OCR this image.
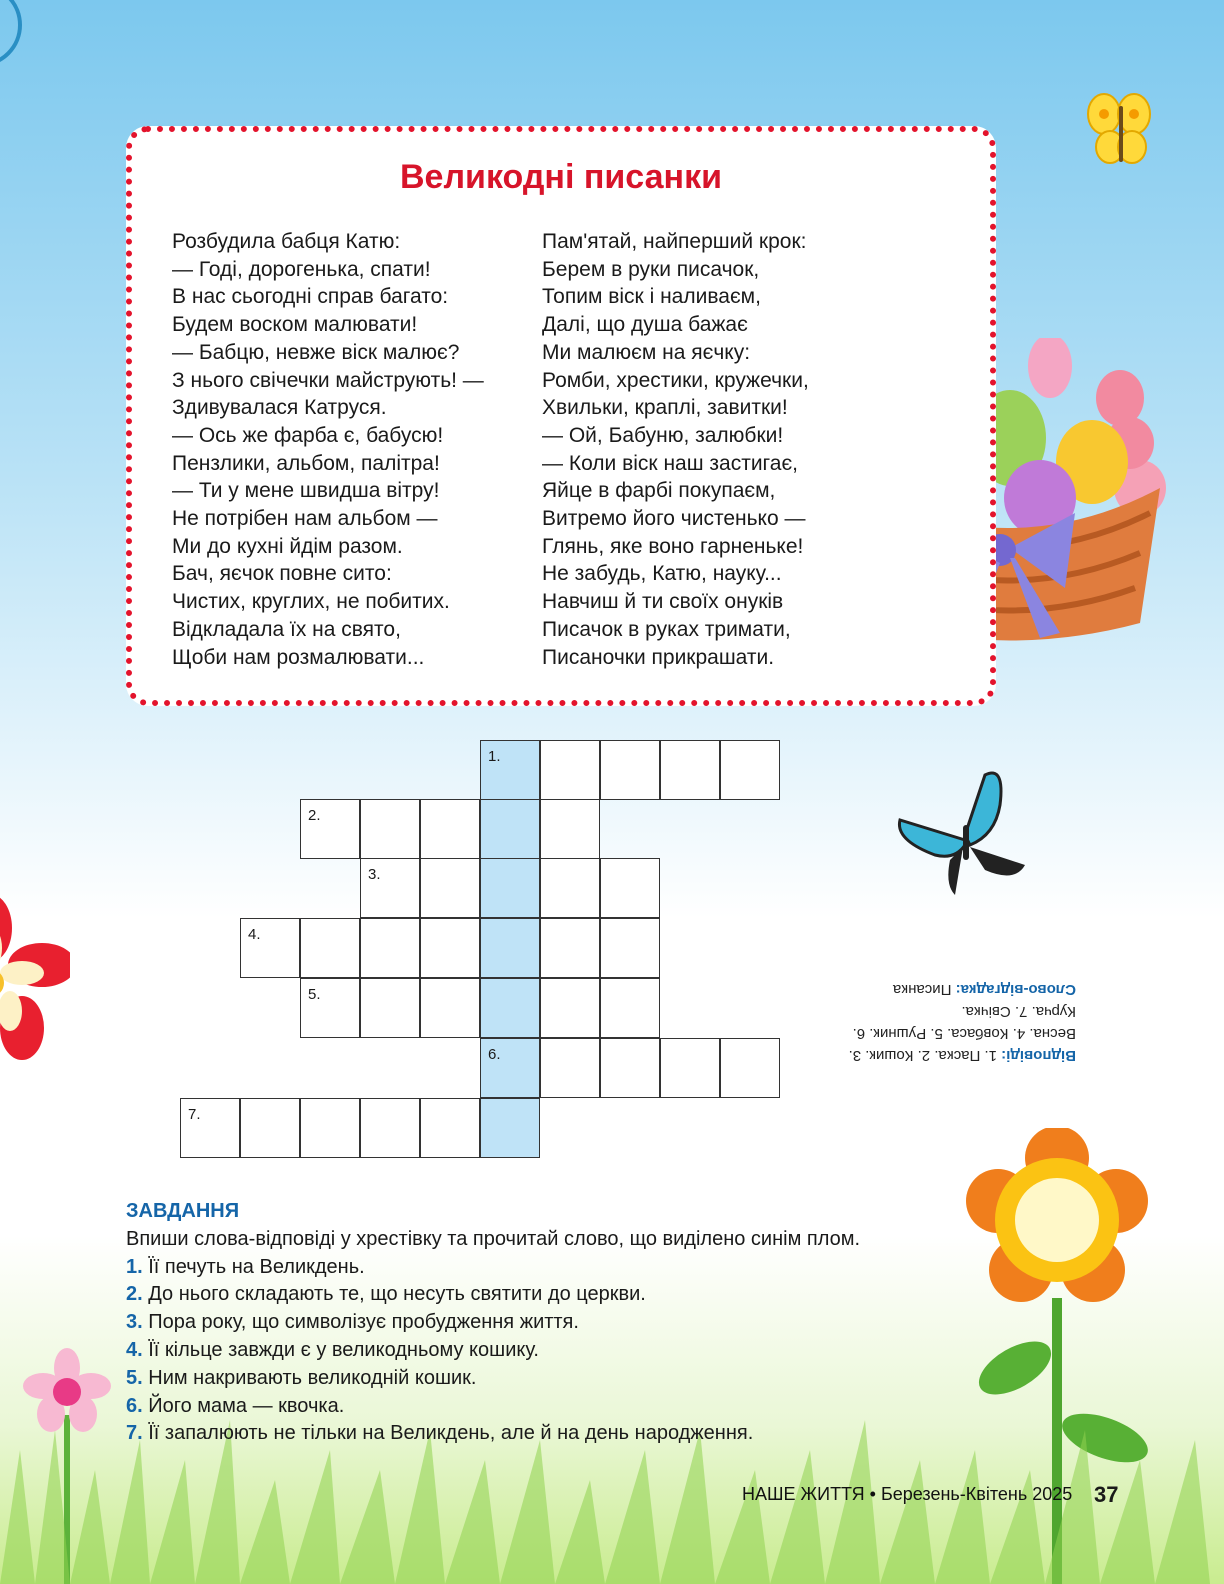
Великодні писанки
Розбудила бабця Катю:
— Годі, дорогенька, спати!
В нас сьогодні справ багато:
Будем воском малювати!
— Бабцю, невже віск малює?
З нього свічечки майструють! —
Здивувалася Катруся.
— Ось же фарба є, бабусю!
Пензлики, альбом, палітра!
— Ти у мене швидша вітру!
Не потрібен нам альбом —
Ми до кухні йдім разом.
Бач, яєчок повне сито:
Чистих, круглих, не побитих.
Відкладала їх на свято,
Щоби нам розмалювати...
Пам'ятай, найперший крок:
Берем в руки писачок,
Топим віск і наливаєм,
Далі, що душа бажає
Ми малюєм на яєчку:
Ромби, хрестики, кружечки,
Хвильки, краплі, завитки!
— Ой, Бабуню, залюбки!
— Коли віск наш застигає,
Яйце в фарбі покупаєм,
Витремо його чистенько —
Глянь, яке воно гарненьке!
Не забудь, Катю, науку...
Навчиш й ти своїх онуків
Писачок в руках тримати,
Писаночки прикрашати.
1.
2.
3.
4.
5.
6.
7.
Відповіді: 1. Паска. 2. Кошик. 3. Весна. 4. Ковбаса. 5. Рушник. 6. Курча. 7. Свічка.
Слово-відгадка: Писанка
ЗАВДАННЯ
Впиши слова-відповіді у хрестівку та прочитай слово, що виділено синім плом.
1. Її печуть на Великдень.
2. До нього складають те, що несуть святити до церкви.
3. Пора року, що символізує пробудження життя.
4. Її кільце завжди є у великодньому кошику.
5. Ним накривають великодній кошик.
6. Його мама — квочка.
7. Її запалюють не тільки на Великдень, але й на день народження.
НАШЕ ЖИТТЯ • Березень-Квітень 2025 37
